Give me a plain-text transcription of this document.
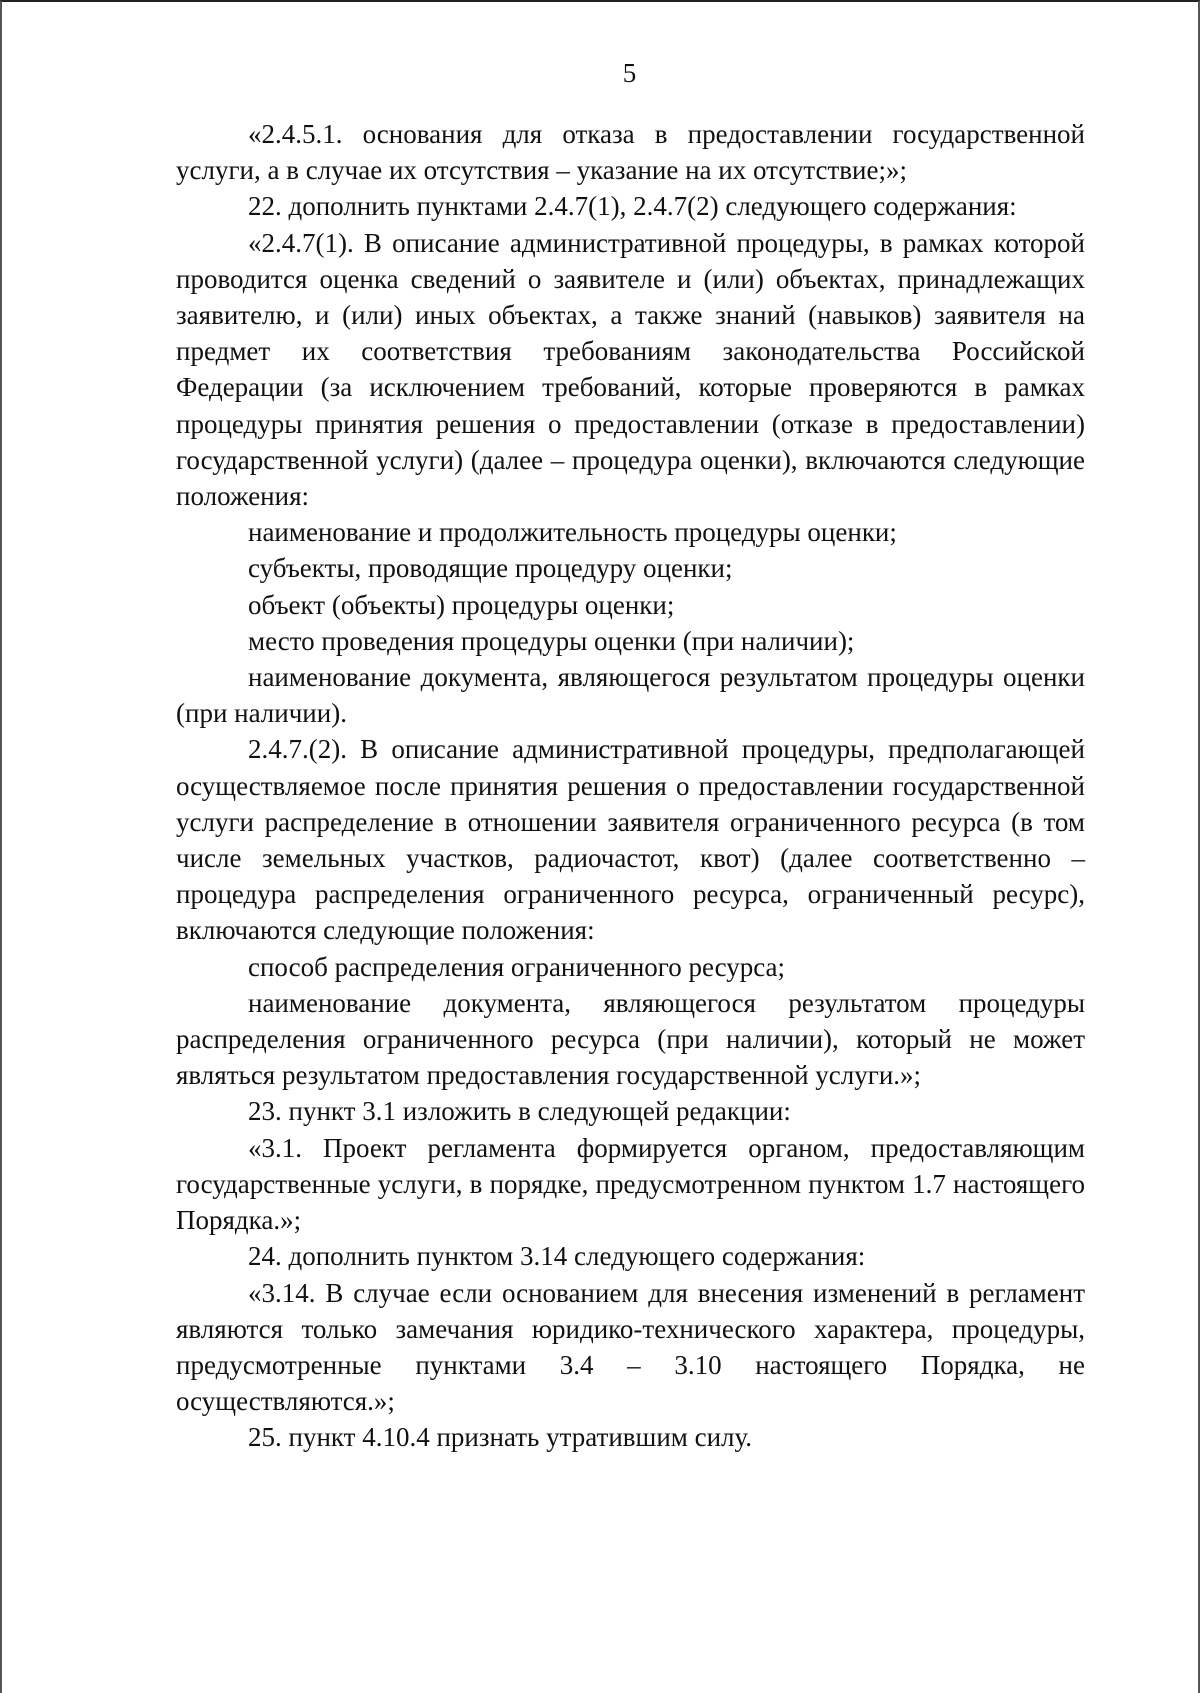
5

«2.4.5.1. основания для отказа в предоставлении государственной услуги, а в случае их отсутствия – указание на их отсутствие;»;

22. дополнить пунктами 2.4.7(1), 2.4.7(2) следующего содержания:

«2.4.7(1). В описание административной процедуры, в рамках которой проводится оценка сведений о заявителе и (или) объектах, принадлежащих заявителю, и (или) иных объектах, а также знаний (навыков) заявителя на предмет их соответствия требованиям законодательства Российской Федерации (за исключением требований, которые проверяются в рамках процедуры принятия решения о предоставлении (отказе в предоставлении) государственной услуги) (далее – процедура оценки), включаются следующие положения:

наименование и продолжительность процедуры оценки;

субъекты, проводящие процедуру оценки;

объект (объекты) процедуры оценки;

место проведения процедуры оценки (при наличии);

наименование документа, являющегося результатом процедуры оценки (при наличии).

2.4.7.(2). В описание административной процедуры, предполагающей осуществляемое после принятия решения о предоставлении государственной услуги распределение в отношении заявителя ограниченного ресурса (в том числе земельных участков, радиочастот, квот) (далее соответственно – процедура распределения ограниченного ресурса, ограниченный ресурс), включаются следующие положения:

способ распределения ограниченного ресурса;

наименование документа, являющегося результатом процедуры распределения ограниченного ресурса (при наличии), который не может являться результатом предоставления государственной услуги.»;

23. пункт 3.1 изложить в следующей редакции:

«3.1. Проект регламента формируется органом, предоставляющим государственные услуги, в порядке, предусмотренном пунктом 1.7 настоящего Порядка.»;

24. дополнить пунктом 3.14 следующего содержания:

«3.14. В случае если основанием для внесения изменений в регламент являются только замечания юридико-технического характера, процедуры, предусмотренные пунктами 3.4 – 3.10 настоящего Порядка, не осуществляются.»;

25. пункт 4.10.4 признать утратившим силу.
